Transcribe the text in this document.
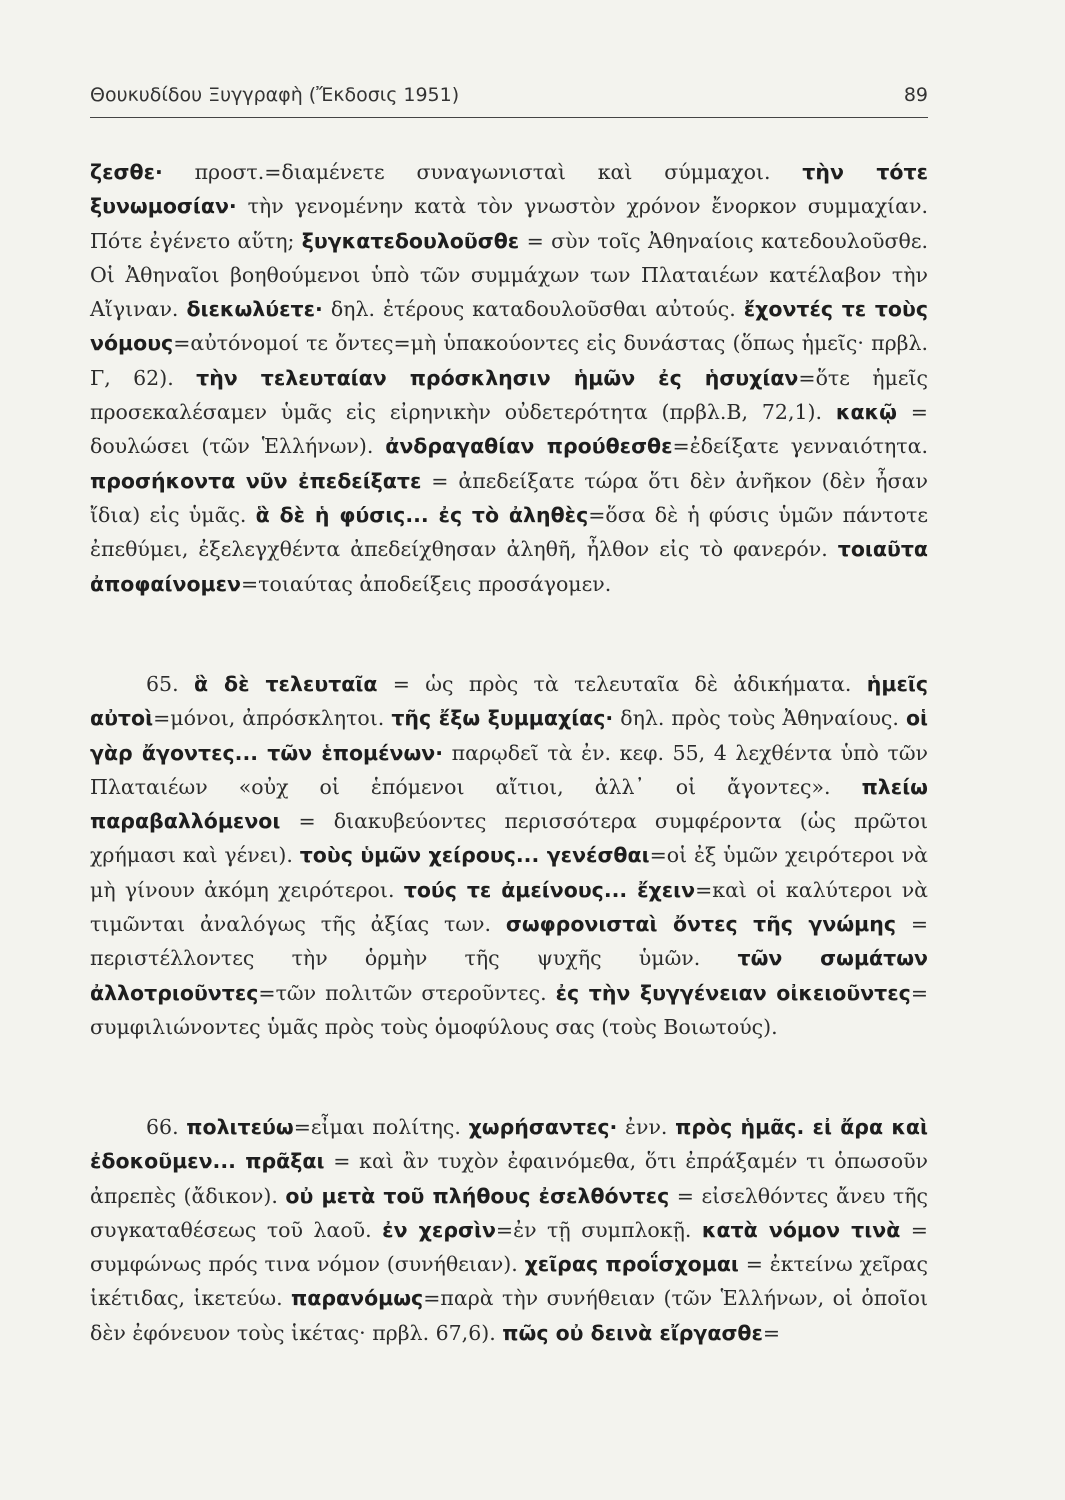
Θουκυδίδου Ξυγγραφὴ (Ἔκδοσις 1951)	89

ζεσθε· προστ.=διαμένετε συναγωνισταὶ καὶ σύμμαχοι. τὴν τότε ξυνωμοσίαν· τὴν γενομένην κατὰ τὸν γνωστὸν χρόνον ἔνορκον συμμαχίαν. Πότε ἐγένετο αὕτη; ξυγκατεδουλοῦσθε = σὺν τοῖς Ἀθηναίοις κατεδουλοῦσθε. Οἱ Ἀθηναῖοι βοηθούμενοι ὑπὸ τῶν συμμάχων των Πλαταιέων κατέλαβον τὴν Αἴγιναν. διεκωλύετε· δηλ. ἑτέρους καταδουλοῦσθαι αὐτούς. ἔχοντές τε τοὺς νόμους=αὐτόνομοί τε ὄντες=μὴ ὑπακούοντες εἰς δυνάστας (ὅπως ἡμεῖς· πρβλ. Γ, 62). τὴν τελευταίαν πρόσκλησιν ἡμῶν ἐς ἡσυχίαν=ὅτε ἡμεῖς προσεκαλέσαμεν ὑμᾶς εἰς εἰρηνικὴν οὐδετερότητα (πρβλ.Β, 72,1). κακῷ = δουλώσει (τῶν Ἑλλήνων). ἀνδραγαθίαν προύθεσθε=ἐδείξατε γενναιότητα. προσήκοντα νῦν ἐπεδείξατε = ἀπεδείξατε τώρα ὅτι δὲν ἀνῆκον (δὲν ἦσαν ἴδια) εἰς ὑμᾶς. ἃ δὲ ἡ φύσις... ἐς τὸ ἀληθὲς=ὅσα δὲ ἡ φύσις ὑμῶν πάντοτε ἐπεθύμει, ἐξελεγχθέντα ἀπεδείχθησαν ἀληθῆ, ἦλθον εἰς τὸ φανερόν. τοιαῦτα ἀποφαίνομεν=τοιαύτας ἀποδείξεις προσάγομεν.

65. ἃ δὲ τελευταῖα = ὡς πρὸς τὰ τελευταῖα δὲ ἀδικήματα. ἡμεῖς αὐτοὶ=μόνοι, ἀπρόσκλητοι. τῆς ἔξω ξυμμαχίας· δηλ. πρὸς τοὺς Ἀθηναίους. οἱ γὰρ ἄγοντες... τῶν ἑπομένων· παρῳδεῖ τὰ ἐν. κεφ. 55, 4 λεχθέντα ὑπὸ τῶν Πλαταιέων «οὐχ οἱ ἑπόμενοι αἴτιοι, ἀλλ᾿ οἱ ἄγοντες». πλείω παραβαλλόμενοι = διακυβεύοντες περισσότερα συμφέροντα (ὡς πρῶτοι χρήμασι καὶ γένει). τοὺς ὑμῶν χείρους... γενέσθαι=οἱ ἐξ ὑμῶν χειρότεροι νὰ μὴ γίνουν ἀκόμη χειρότεροι. τούς τε ἀμείνους... ἔχειν=καὶ οἱ καλύτεροι νὰ τιμῶνται ἀναλόγως τῆς ἀξίας των. σωφρονισταὶ ὄντες τῆς γνώμης = περιστέλλοντες τὴν ὁρμὴν τῆς ψυχῆς ὑμῶν. τῶν σωμάτων ἀλλοτριοῦντες=τῶν πολιτῶν στεροῦντες. ἐς τὴν ξυγγένειαν οἰκειοῦντες= συμφιλιώνοντες ὑμᾶς πρὸς τοὺς ὁμοφύλους σας (τοὺς Βοιωτούς).

66. πολιτεύω=εἶμαι πολίτης. χωρήσαντες· ἐνν. πρὸς ἡμᾶς. εἰ ἄρα καὶ ἐδοκοῦμεν... πρᾶξαι = καὶ ἂν τυχὸν ἐφαινόμεθα, ὅτι ἐπράξαμέν τι ὁπωσοῦν ἀπρεπὲς (ἄδικον). οὐ μετὰ τοῦ πλήθους ἐσελθόντες = εἰσελθόντες ἄνευ τῆς συγκαταθέσεως τοῦ λαοῦ. ἐν χερσὶν=ἐν τῇ συμπλοκῇ. κατὰ νόμον τινὰ = συμφώνως πρός τινα νόμον (συνήθειαν). χεῖρας προΐσχομαι = ἐκτείνω χεῖρας ἱκέτιδας, ἱκετεύω. παρανόμως=παρὰ τὴν συνήθειαν (τῶν Ἑλλήνων, οἱ ὁποῖοι δὲν ἐφόνευον τοὺς ἱκέτας· πρβλ. 67,6). πῶς οὐ δεινὰ εἴργασθε=
